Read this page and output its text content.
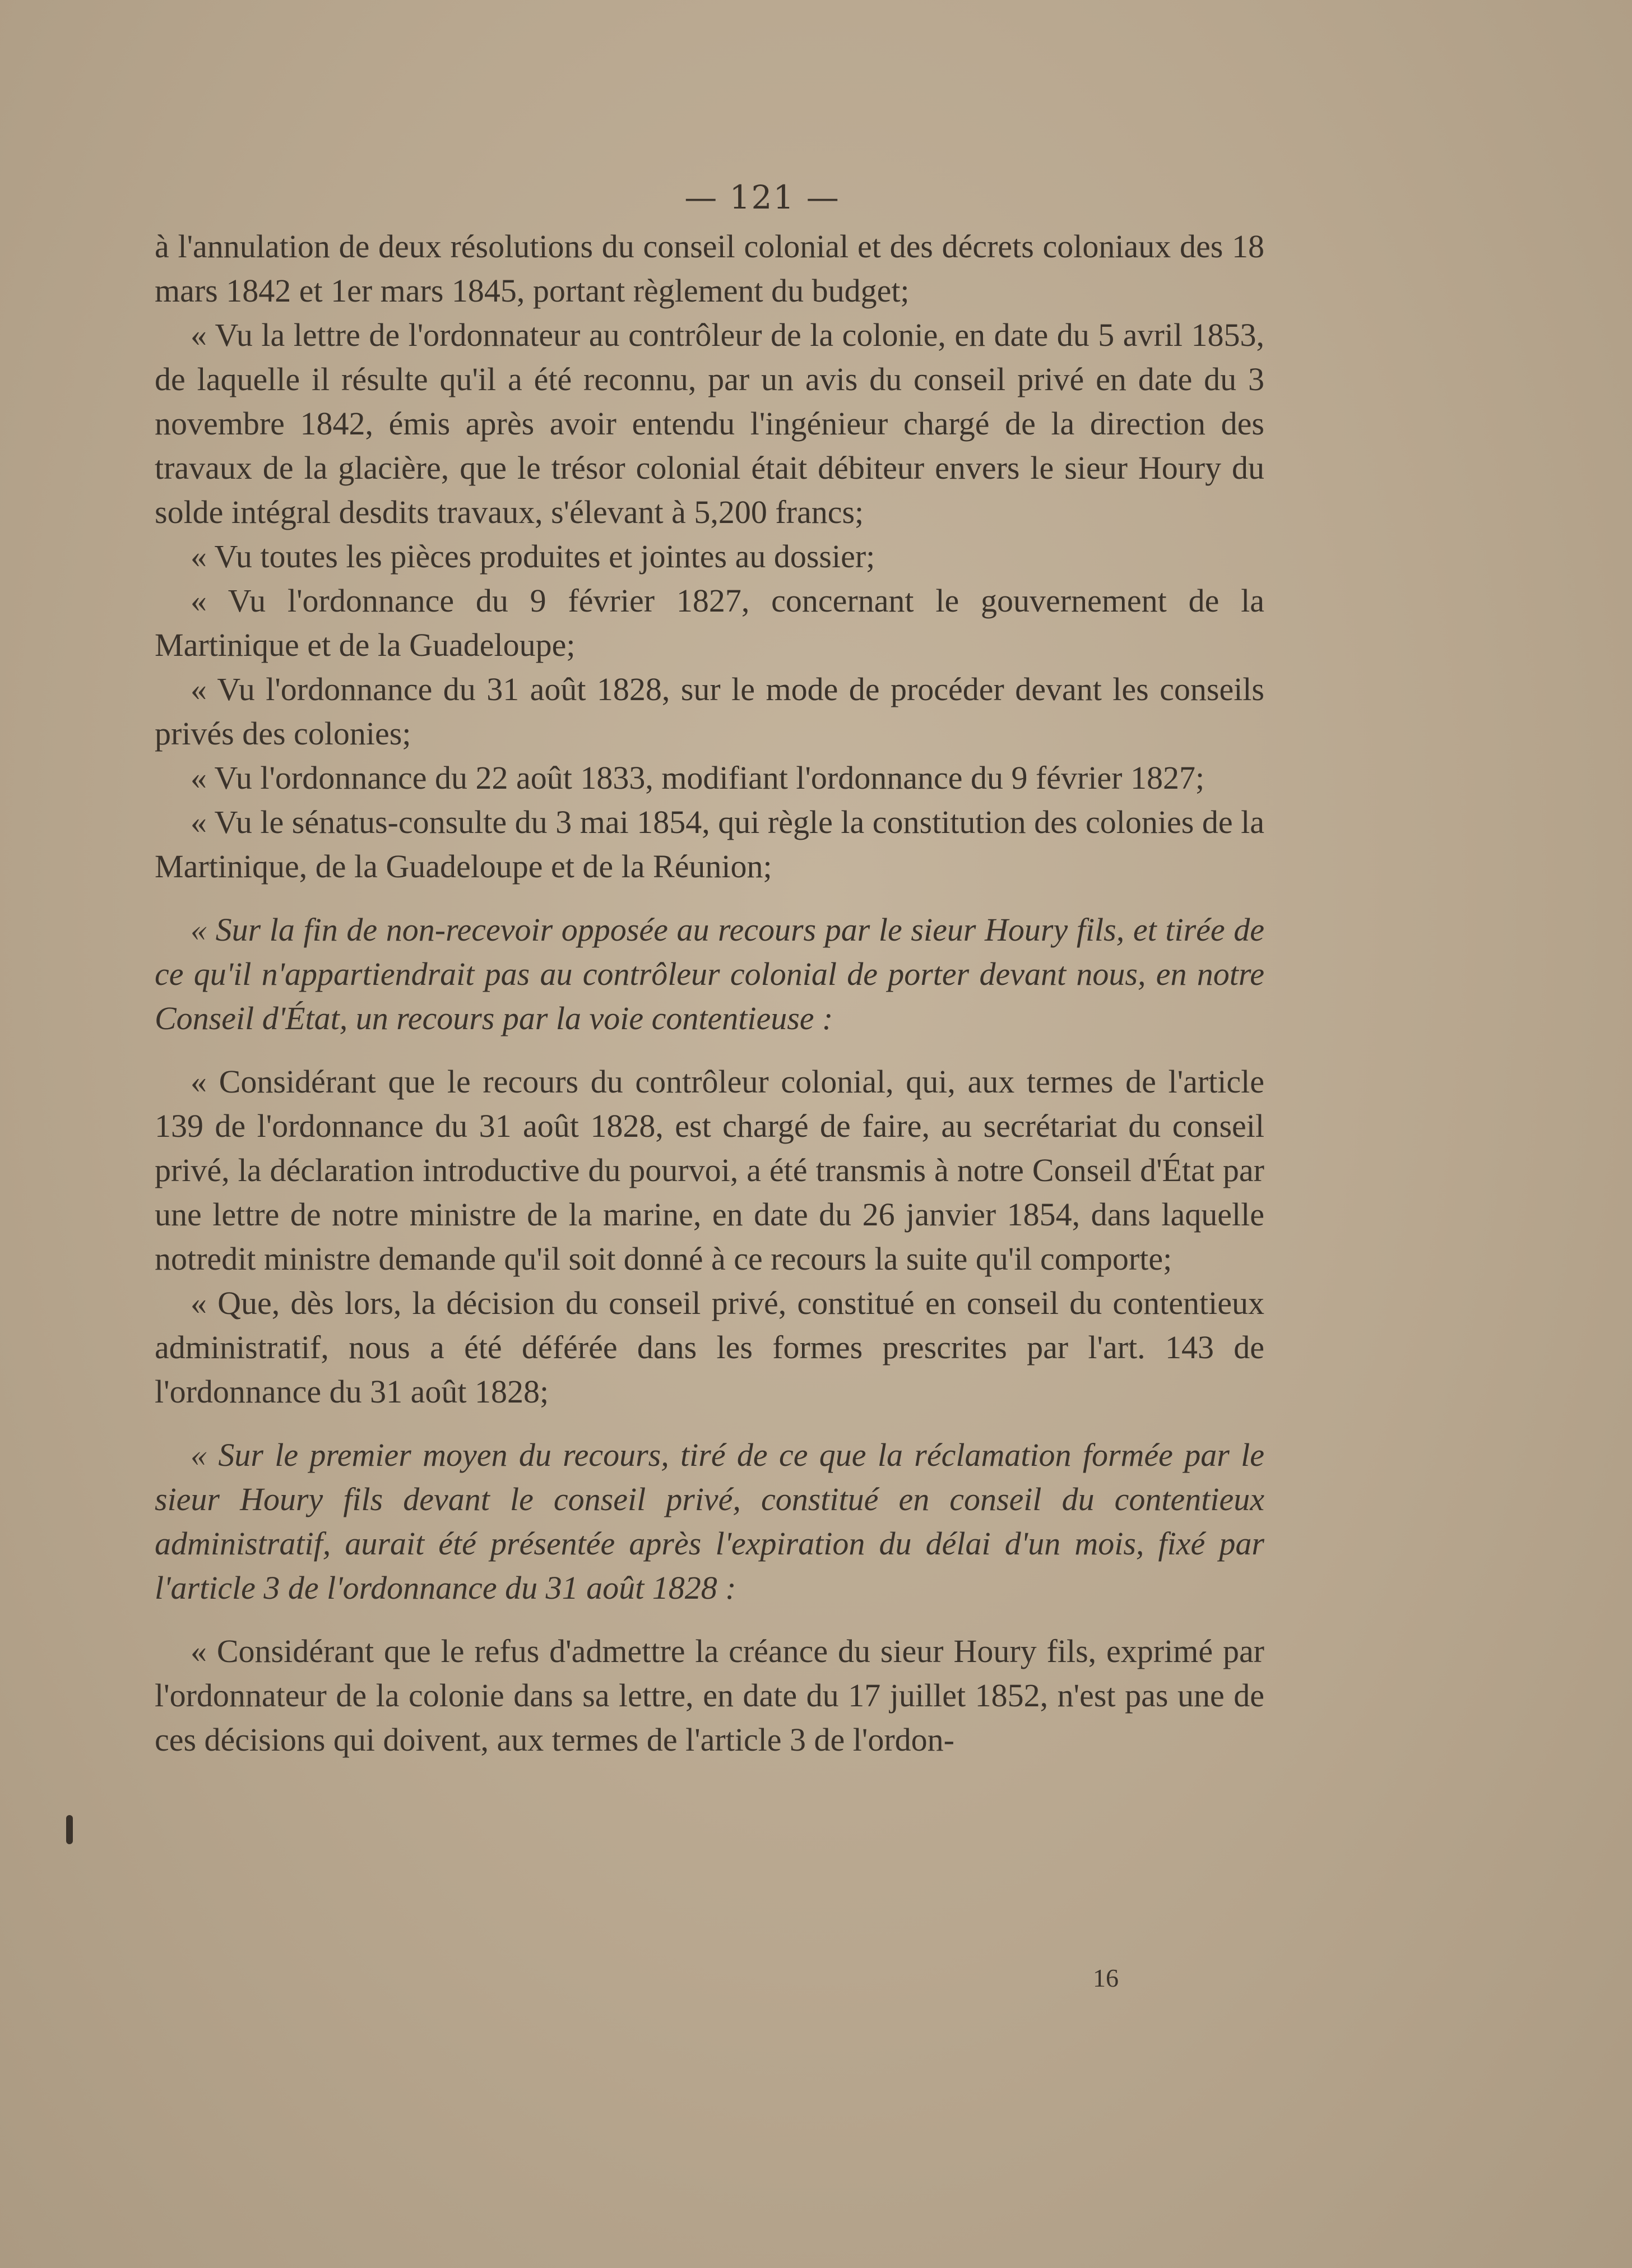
— 121 —

à l'annulation de deux résolutions du conseil colonial et des décrets coloniaux des 18 mars 1842 et 1er mars 1845, portant règlement du budget;

« Vu la lettre de l'ordonnateur au contrôleur de la colonie, en date du 5 avril 1853, de laquelle il résulte qu'il a été reconnu, par un avis du conseil privé en date du 3 novembre 1842, émis après avoir entendu l'ingénieur chargé de la direction des travaux de la glacière, que le trésor colonial était débiteur envers le sieur Houry du solde intégral desdits travaux, s'élevant à 5,200 francs;

« Vu toutes les pièces produites et jointes au dossier;

« Vu l'ordonnance du 9 février 1827, concernant le gouvernement de la Martinique et de la Guadeloupe;

« Vu l'ordonnance du 31 août 1828, sur le mode de procéder devant les conseils privés des colonies;

« Vu l'ordonnance du 22 août 1833, modifiant l'ordonnance du 9 février 1827;

« Vu le sénatus-consulte du 3 mai 1854, qui règle la constitution des colonies de la Martinique, de la Guadeloupe et de la Réunion;

« Sur la fin de non-recevoir opposée au recours par le sieur Houry fils, et tirée de ce qu'il n'appartiendrait pas au contrôleur colonial de porter devant nous, en notre Conseil d'État, un recours par la voie contentieuse :

« Considérant que le recours du contrôleur colonial, qui, aux termes de l'article 139 de l'ordonnance du 31 août 1828, est chargé de faire, au secrétariat du conseil privé, la déclaration introductive du pourvoi, a été transmis à notre Conseil d'État par une lettre de notre ministre de la marine, en date du 26 janvier 1854, dans laquelle notredit ministre demande qu'il soit donné à ce recours la suite qu'il comporte;

« Que, dès lors, la décision du conseil privé, constitué en conseil du contentieux administratif, nous a été déférée dans les formes prescrites par l'art. 143 de l'ordonnance du 31 août 1828;

« Sur le premier moyen du recours, tiré de ce que la réclamation formée par le sieur Houry fils devant le conseil privé, constitué en conseil du contentieux administratif, aurait été présentée après l'expiration du délai d'un mois, fixé par l'article 3 de l'ordonnance du 31 août 1828 :

« Considérant que le refus d'admettre la créance du sieur Houry fils, exprimé par l'ordonnateur de la colonie dans sa lettre, en date du 17 juillet 1852, n'est pas une de ces décisions qui doivent, aux termes de l'article 3 de l'ordon-

16
